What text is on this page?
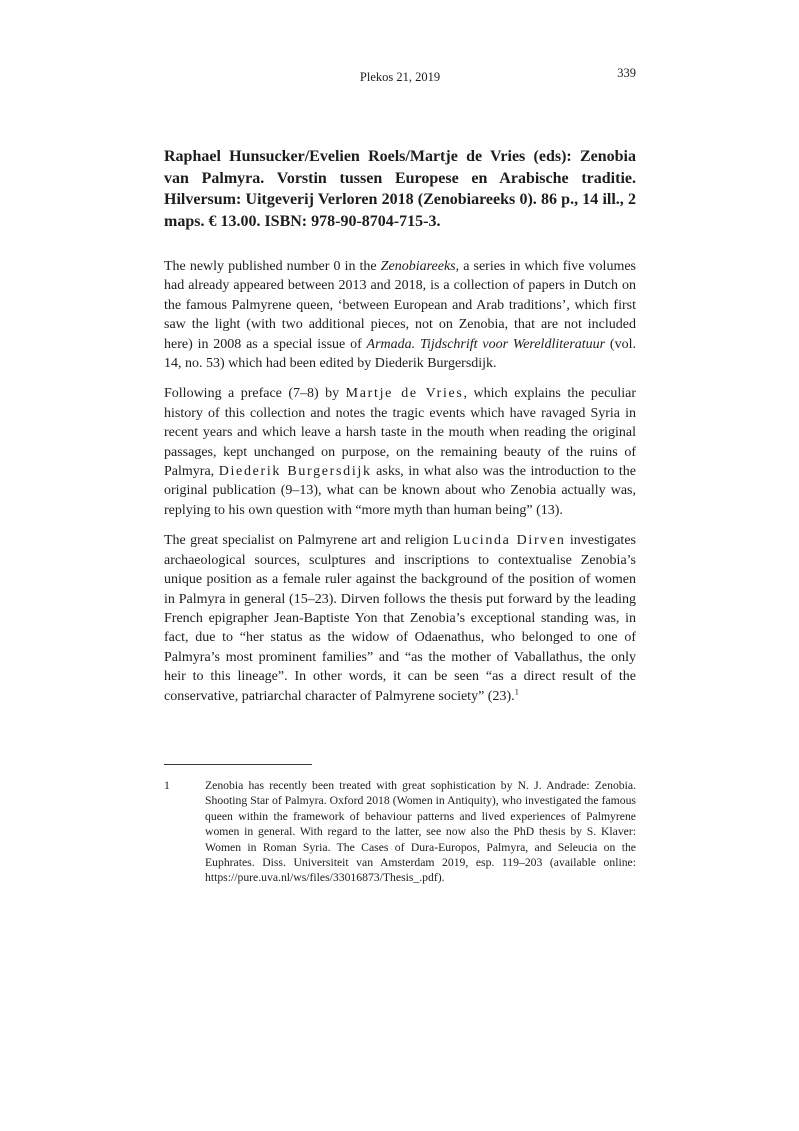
Plekos 21, 2019	339
Raphael Hunsucker/Evelien Roels/Martje de Vries (eds): Zenobia van Palmyra. Vorstin tussen Europese en Arabische traditie. Hilversum: Uitgeverij Verloren 2018 (Zenobiareeks 0). 86 p., 14 ill., 2 maps. € 13.00. ISBN: 978-90-8704-715-3.

The newly published number 0 in the Zenobiareeks, a series in which five volumes had already appeared between 2013 and 2018, is a collection of papers in Dutch on the famous Palmyrene queen, ‘between European and Arab traditions’, which first saw the light (with two additional pieces, not on Zenobia, that are not included here) in 2008 as a special issue of Armada. Tijdschrift voor Wereldliteratuur (vol. 14, no. 53) which had been edited by Diederik Burgersdijk.

Following a preface (7–8) by Martje de Vries, which explains the peculiar history of this collection and notes the tragic events which have ravaged Syria in recent years and which leave a harsh taste in the mouth when reading the original passages, kept unchanged on purpose, on the remaining beauty of the ruins of Palmyra, Diederik Burgersdijk asks, in what also was the introduction to the original publication (9–13), what can be known about who Zenobia actually was, replying to his own question with “more myth than human being” (13).

The great specialist on Palmyrene art and religion Lucinda Dirven investigates archaeological sources, sculptures and inscriptions to contextualise Zenobia’s unique position as a female ruler against the background of the position of women in Palmyra in general (15–23). Dirven follows the thesis put forward by the leading French epigrapher Jean-Baptiste Yon that Zenobia’s exceptional standing was, in fact, due to “her status as the widow of Odaenathus, who belonged to one of Palmyra’s most prominent families” and “as the mother of Vaballathus, the only heir to this lineage”. In other words, it can be seen “as a direct result of the conservative, patriarchal character of Palmyrene society” (23).$^1$

1	Zenobia has recently been treated with great sophistication by N. J. Andrade: Zenobia. Shooting Star of Palmyra. Oxford 2018 (Women in Antiquity), who investigated the famous queen within the framework of behaviour patterns and lived experiences of Palmyrene women in general. With regard to the latter, see now also the PhD thesis by S. Klaver: Women in Roman Syria. The Cases of Dura-Europos, Palmyra, and Seleucia on the Euphrates. Diss. Universiteit van Amsterdam 2019, esp. 119–203 (available online: https://pure.uva.nl/ws/files/33016873/Thesis_.pdf).
